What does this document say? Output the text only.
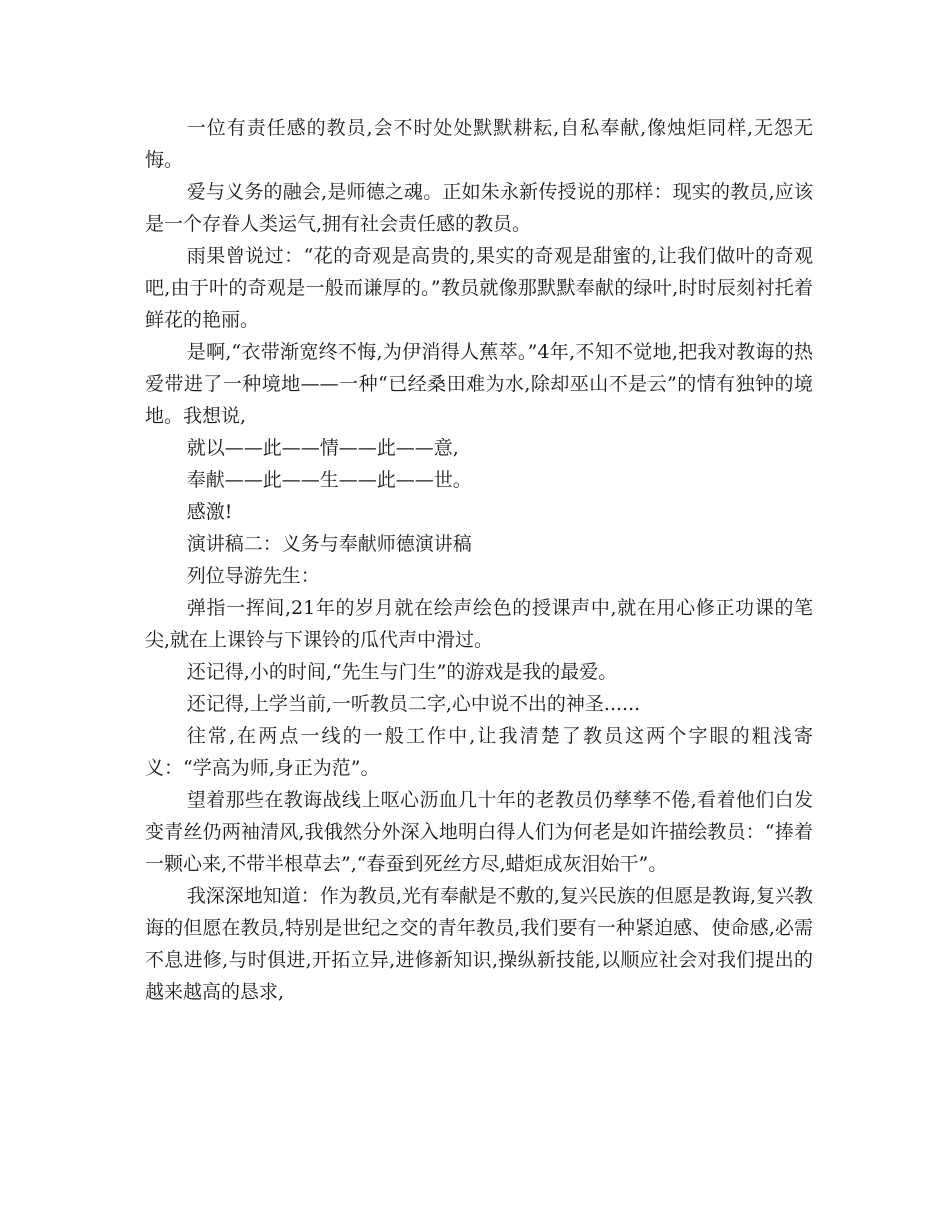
一位有责任感的教员,会不时处处默默耕耘,自私奉献,像烛炬同样,无怨无悔。

爱与义务的融会,是师德之魂。正如朱永新传授说的那样：现实的教员,应该是一个存眷人类运气,拥有社会责任感的教员。

雨果曾说过：“花的奇观是高贵的,果实的奇观是甜蜜的,让我们做叶的奇观吧,由于叶的奇观是一般而谦厚的。”教员就像那默默奉献的绿叶,时时辰刻衬托着鲜花的艳丽。

是啊,“衣带渐宽终不悔,为伊消得人蕉萃。”4年,不知不觉地,把我对教诲的热爱带进了一种境地——一种“已经桑田难为水,除却巫山不是云”的情有独钟的境地。我想说,

就以——此——情——此——意,

奉献——此——生——此——世。

感激!

演讲稿二：义务与奉献师德演讲稿

列位导游先生：

弹指一挥间,21年的岁月就在绘声绘色的授课声中,就在用心修正功课的笔尖,就在上课铃与下课铃的瓜代声中滑过。

还记得,小的时间,“先生与门生”的游戏是我的最爱。

还记得,上学当前,一听教员二字,心中说不出的神圣......

往常,在两点一线的一般工作中,让我清楚了教员这两个字眼的粗浅寄义：“学高为师,身正为范”。

望着那些在教诲战线上呕心沥血几十年的老教员仍孳孳不倦,看着他们白发变青丝仍两袖清风,我俄然分外深入地明白得人们为何老是如许描绘教员：“捧着一颗心来,不带半根草去”,“春蚕到死丝方尽,蜡炬成灰泪始干”。

我深深地知道：作为教员,光有奉献是不敷的,复兴民族的但愿是教诲,复兴教诲的但愿在教员,特别是世纪之交的青年教员,我们要有一种紧迫感、使命感,必需不息进修,与时俱进,开拓立异,进修新知识,操纵新技能,以顺应社会对我们提出的越来越高的恳求,
